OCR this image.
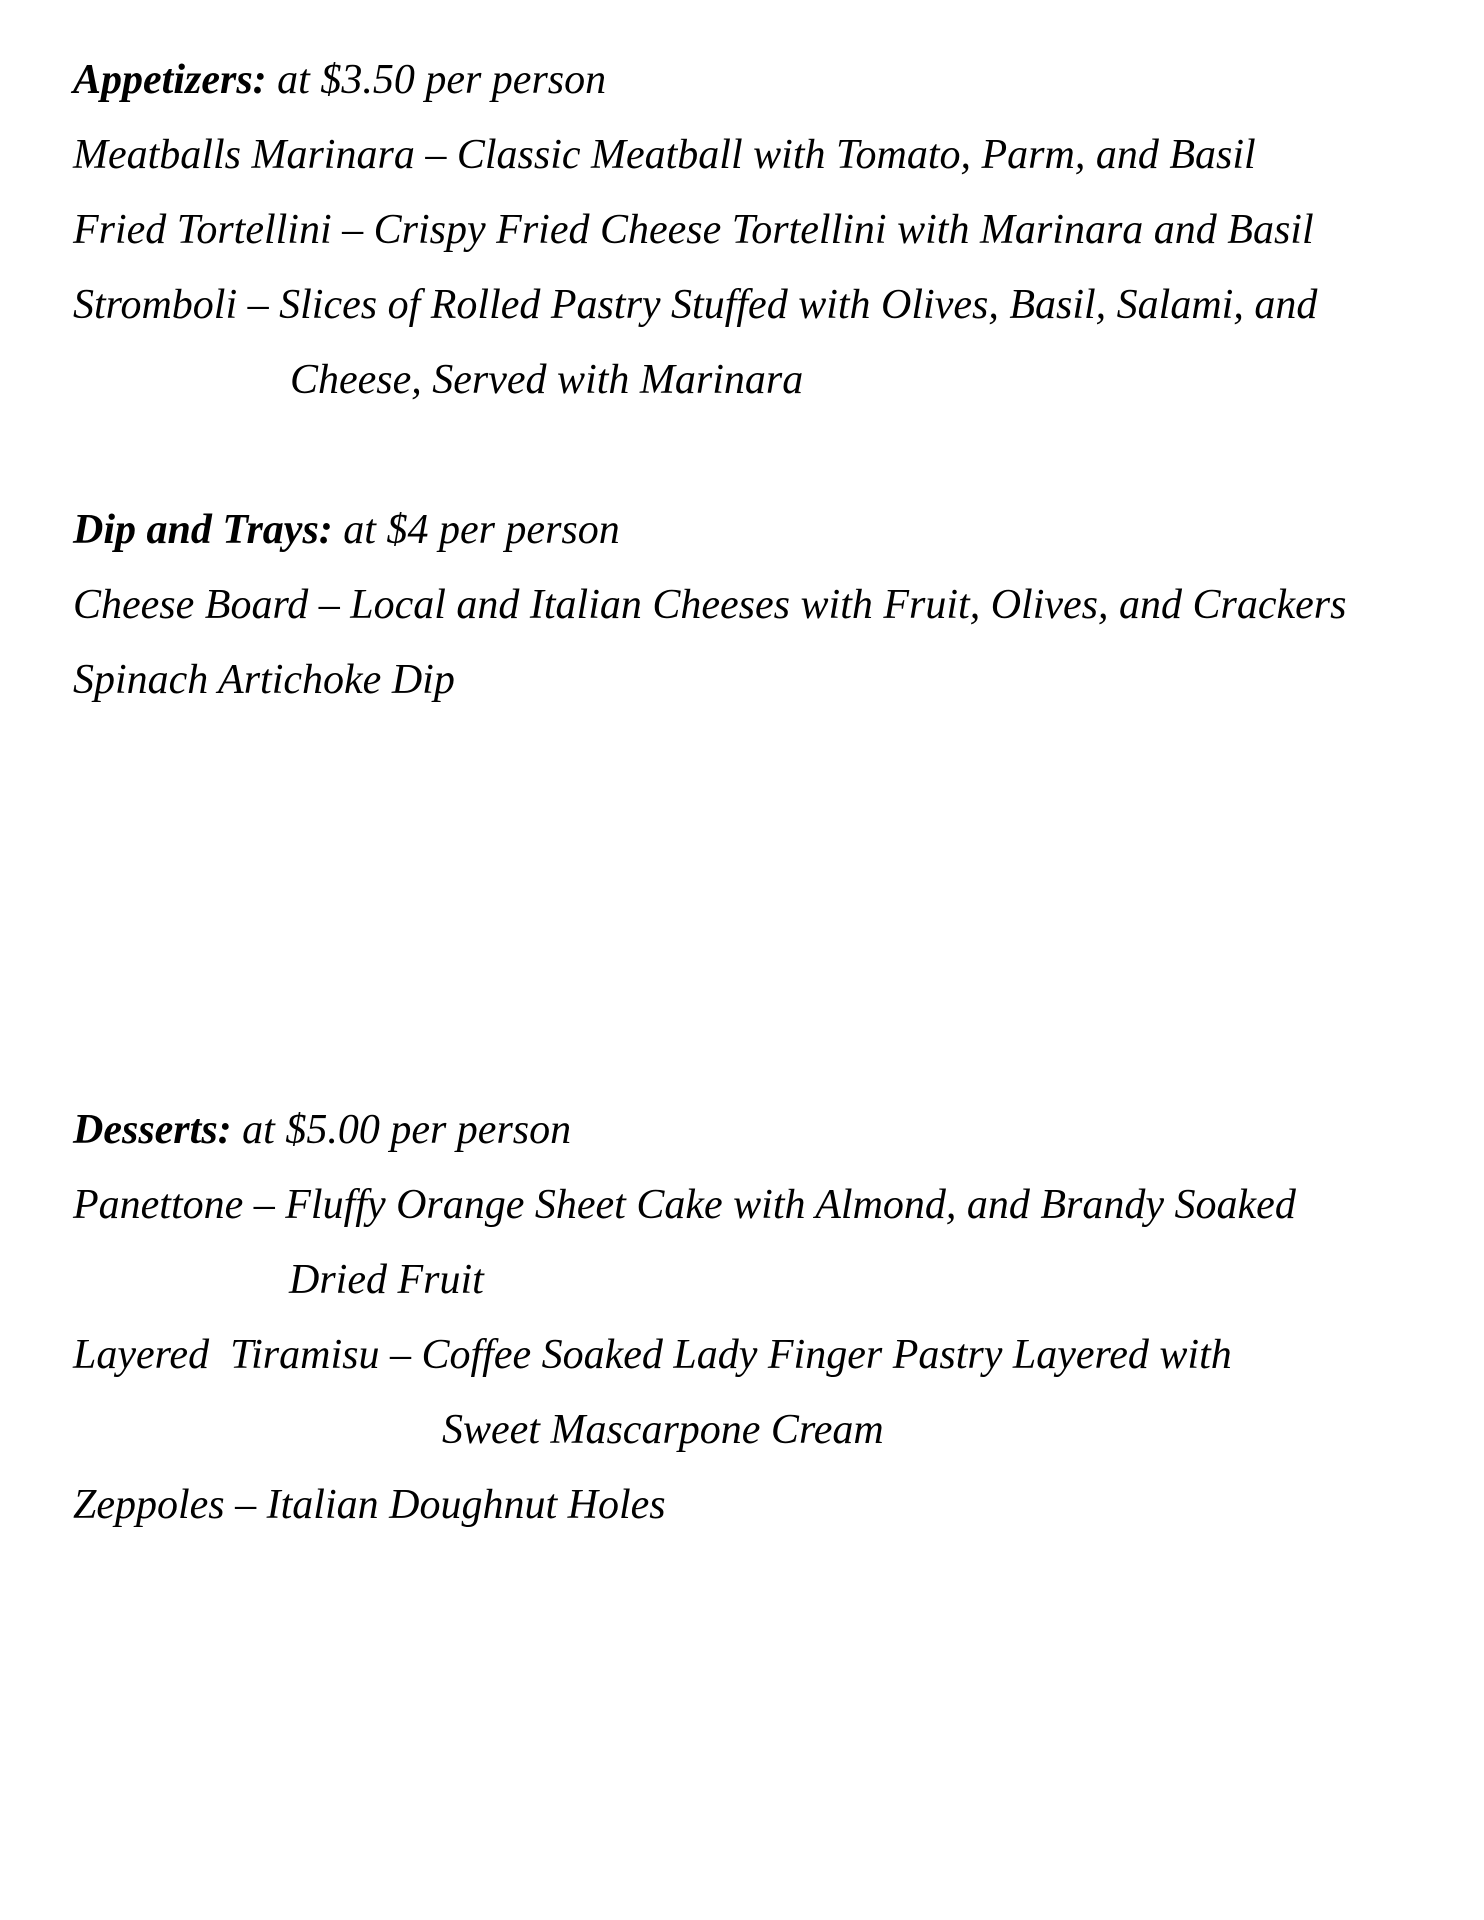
Appetizers: at $3.50 per person
Meatballs Marinara – Classic Meatball with Tomato, Parm, and Basil
Fried Tortellini – Crispy Fried Cheese Tortellini with Marinara and Basil
Stromboli – Slices of Rolled Pastry Stuffed with Olives, Basil, Salami, and
Cheese, Served with Marinara
Dip and Trays: at $4 per person
Cheese Board – Local and Italian Cheeses with Fruit, Olives, and Crackers
Spinach Artichoke Dip
Desserts: at $5.00 per person
Panettone – Fluffy Orange Sheet Cake with Almond, and Brandy Soaked
Dried Fruit
Layered  Tiramisu – Coffee Soaked Lady Finger Pastry Layered with
Sweet Mascarpone Cream
Zeppoles – Italian Doughnut Holes
